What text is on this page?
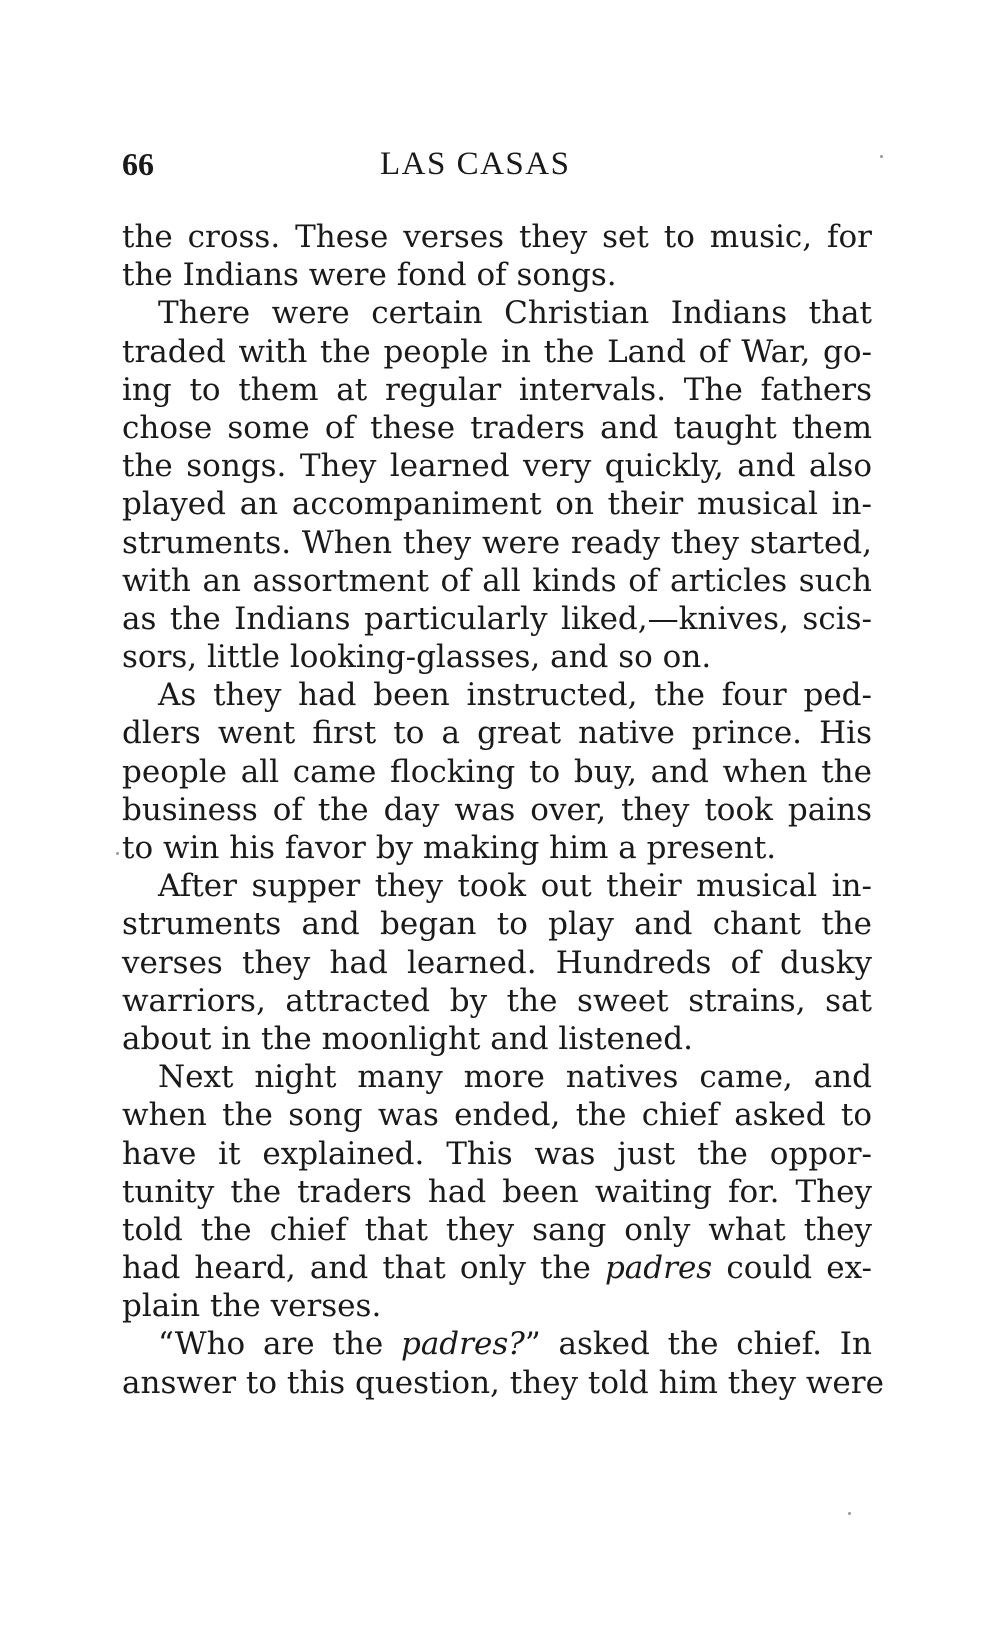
66	LAS CASAS
the cross. These verses they set to music, for
the Indians were fond of songs.
There were certain Christian Indians that
traded with the people in the Land of War, go-
ing to them at regular intervals. The fathers
chose some of these traders and taught them
the songs. They learned very quickly, and also
played an accompaniment on their musical in-
struments. When they were ready they started,
with an assortment of all kinds of articles such
as the Indians particularly liked,—knives, scis-
sors, little looking-glasses, and so on.
As they had been instructed, the four ped-
dlers went first to a great native prince. His
people all came flocking to buy, and when the
business of the day was over, they took pains
to win his favor by making him a present.
After supper they took out their musical in-
struments and began to play and chant the
verses they had learned. Hundreds of dusky
warriors, attracted by the sweet strains, sat
about in the moonlight and listened.
Next night many more natives came, and
when the song was ended, the chief asked to
have it explained. This was just the oppor-
tunity the traders had been waiting for. They
told the chief that they sang only what they
had heard, and that only the padres could ex-
plain the verses.
“Who are the padres?” asked the chief. In
answer to this question, they told him they were
